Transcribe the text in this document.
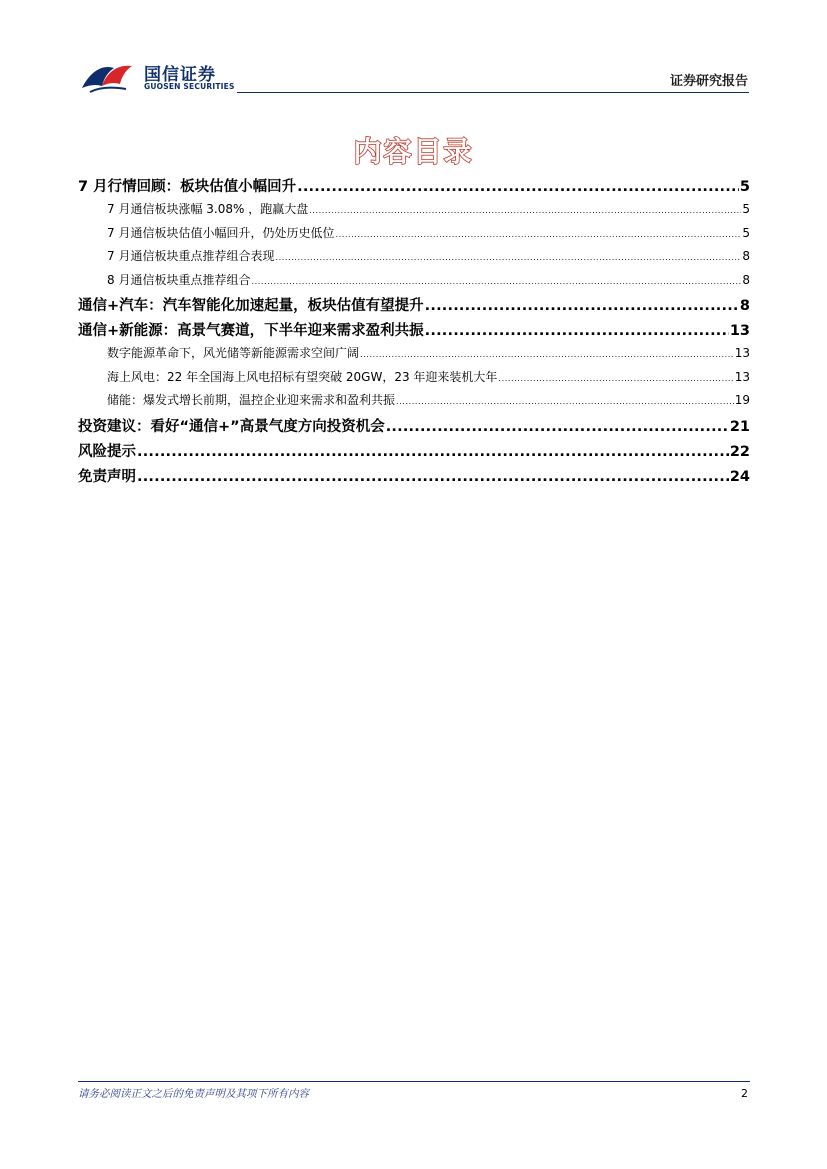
国信证券
GUOSEN SECURITIES	证券研究报告
内容目录
7 月行情回顾：板块估值小幅回升 .....	5
7 月通信板块涨幅 3.08% ，跑赢大盘 .....	5
7 月通信板块估值小幅回升，仍处历史低位 .....	5
7 月通信板块重点推荐组合表现 .....	8
8 月通信板块重点推荐组合 .....	8
通信+汽车：汽车智能化加速起量，板块估值有望提升 .....	8
通信+新能源：高景气赛道，下半年迎来需求盈利共振 .....	13
数字能源革命下，风光储等新能源需求空间广阔 .....	13
海上风电：22 年全国海上风电招标有望突破 20GW，23 年迎来装机大年 .....	13
储能：爆发式增长前期，温控企业迎来需求和盈利共振 .....	19
投资建议：看好“通信+”高景气度方向投资机会 .....	21
风险提示 .....	22
免责声明 .....	24
请务必阅读正文之后的免责声明及其项下所有内容	2
